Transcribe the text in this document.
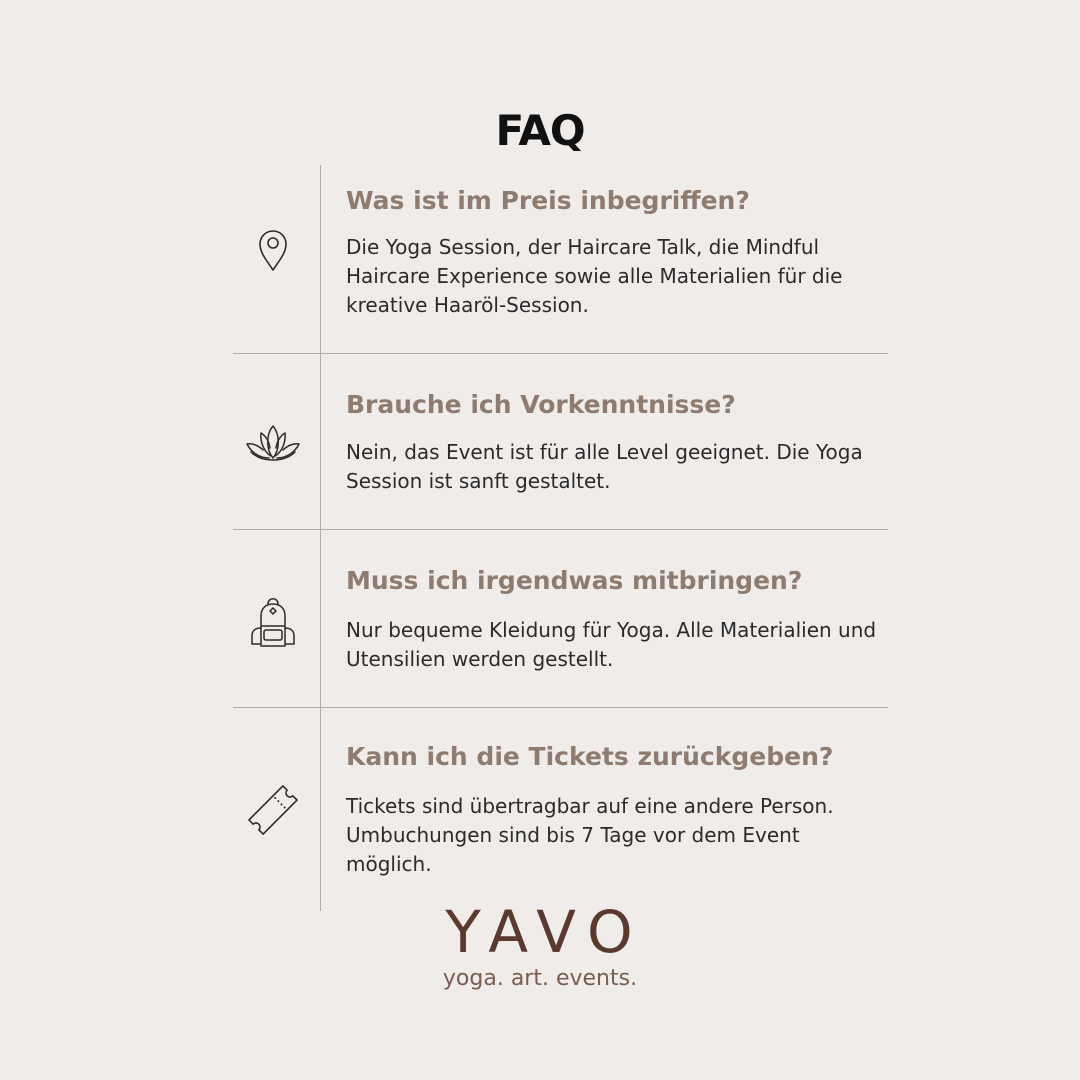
FAQ
Was ist im Preis inbegriffen?
Die Yoga Session, der Haircare Talk, die Mindful Haircare Experience sowie alle Materialien für die kreative Haaröl-Session.
Brauche ich Vorkenntnisse?
Nein, das Event ist für alle Level geeignet. Die Yoga Session ist sanft gestaltet.
Muss ich irgendwas mitbringen?
Nur bequeme Kleidung für Yoga. Alle Materialien und Utensilien werden gestellt.
Kann ich die Tickets zurückgeben?
Tickets sind übertragbar auf eine andere Person. Umbuchungen sind bis 7 Tage vor dem Event möglich.
YAVO
yoga. art. events.
